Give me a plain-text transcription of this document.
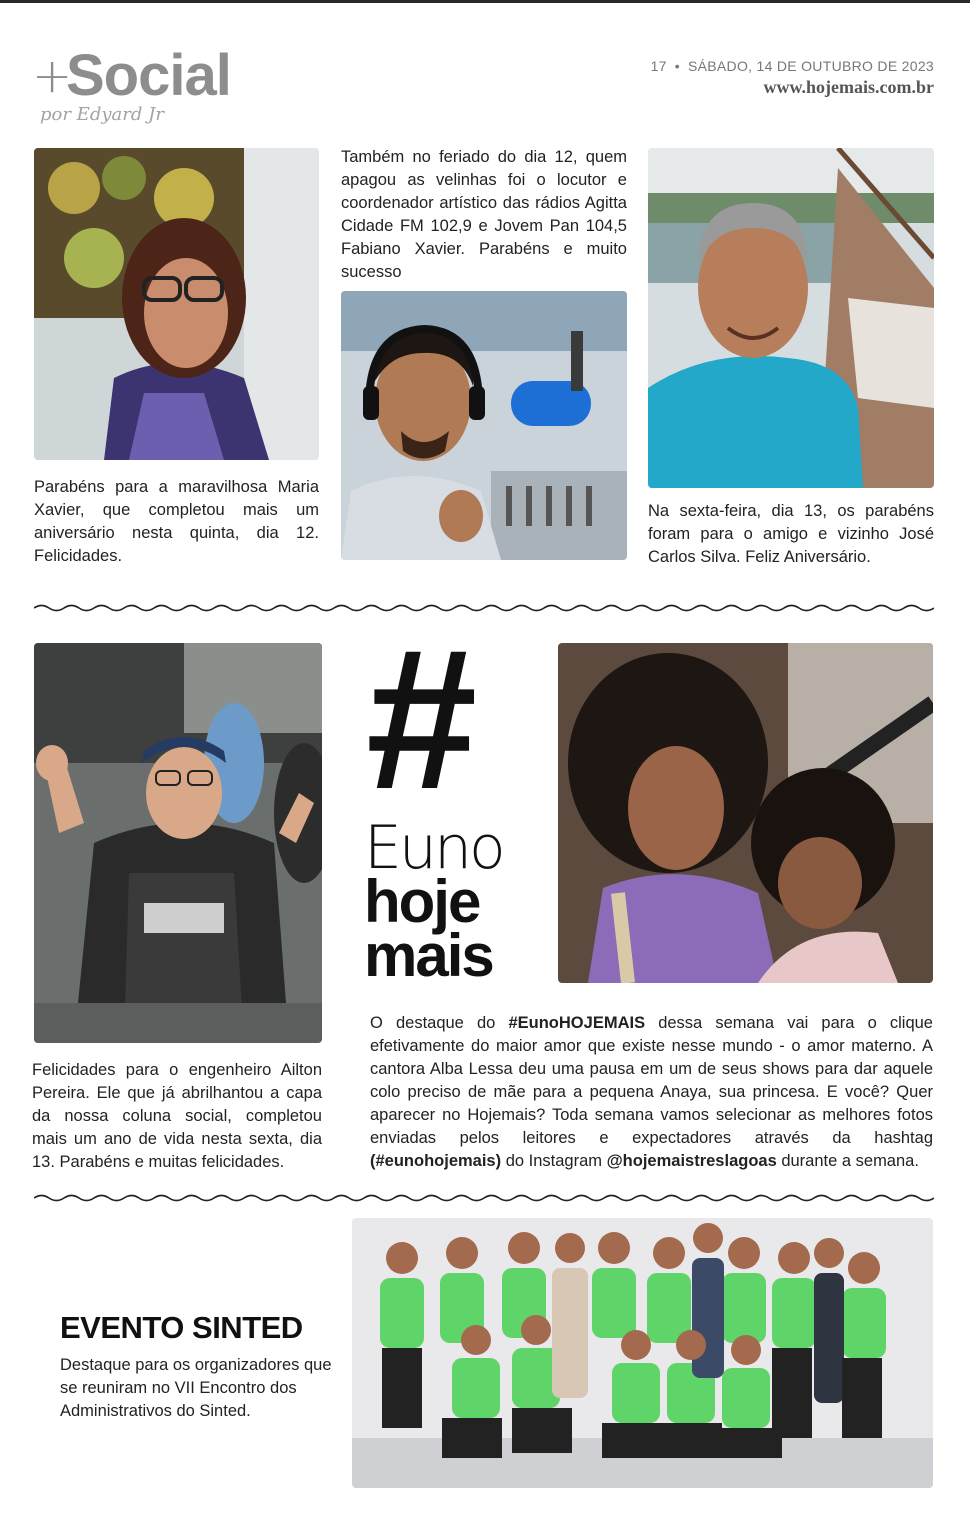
+
Social
por Edyard Jr
17 • SÁBADO, 14 DE OUTUBRO DE 2023
www.hojemais.com.br
Parabéns para a maravilhosa Maria Xavier, que completou mais um aniversário nesta quinta, dia 12. Felicidades.
Também no feriado do dia 12, quem apagou as velinhas foi o locutor e coordenador artístico das rádios Agitta Cidade FM 102,9 e Jovem Pan 104,5 Fabiano Xavier. Parabéns e muito sucesso
Na sexta-feira, dia 13, os parabéns foram para o amigo e vizinho José Carlos Silva. Feliz Aniversário.
Felicidades para o engenheiro Ailton Pereira. Ele que já abrilhantou a capa da nossa coluna social, completou mais um ano de vida nesta sexta, dia 13. Parabéns e muitas felicidades.
#
Euno
hoje
mais
O destaque do #EunoHOJEMAIS dessa semana vai para o clique efetivamente do maior amor que existe nesse mundo - o amor materno. A cantora Alba Lessa deu uma pausa em um de seus shows para dar aquele colo preciso de mãe para a pequena Anaya, sua princesa. E você? Quer aparecer no Hojemais? Toda semana vamos selecionar as melhores fotos enviadas pelos leitores e expectadores através da hashtag (#eunohojemais) do Instagram @hojemaistreslagoas durante a semana.
EVENTO SINTED
Destaque para os organizadores que se reuniram no VII Encontro dos Administrativos do Sinted.
